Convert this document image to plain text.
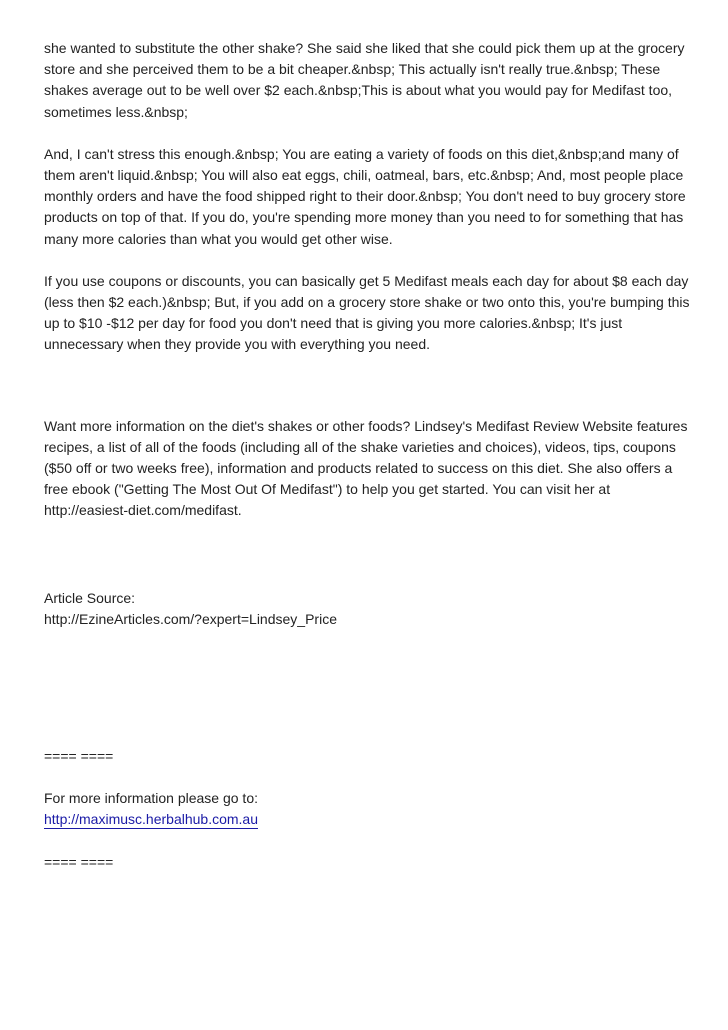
she wanted to substitute the other shake? She said she liked that she could pick them up at the grocery store and she perceived them to be a bit cheaper.&nbsp; This actually isn't really true.&nbsp; These shakes average out to be well over $2 each.&nbsp;This is about what you would pay for Medifast too, sometimes less.&nbsp;

And, I can't stress this enough.&nbsp; You are eating a variety of foods on this diet,&nbsp;and many of them aren't liquid.&nbsp; You will also eat eggs, chili, oatmeal, bars, etc.&nbsp; And, most people place monthly orders and have the food shipped right to their door.&nbsp; You don't need to buy grocery store products on top of that. If you do, you're spending more money than you need to for something that has many more calories than what you would get other wise.

If you use coupons or discounts, you can basically get 5 Medifast meals each day for about $8 each day (less then $2 each.)&nbsp; But, if you add on a grocery store shake or two onto this, you're bumping this up to $10 -$12 per day for food you don't need that is giving you more calories.&nbsp; It's just unnecessary when they provide you with everything you need.

Want more information on the diet's shakes or other foods? Lindsey's Medifast Review Website features recipes, a list of all of the foods (including all of the shake varieties and choices), videos, tips, coupons ($50 off or two weeks free), information and products related to success on this diet. She also offers a free ebook ("Getting The Most Out Of Medifast") to help you get started. You can visit her at http://easiest-diet.com/medifast.

Article Source:
http://EzineArticles.com/?expert=Lindsey_Price
==== ====
For more information please go to:
http://maximusc.herbalhub.com.au
==== ====
